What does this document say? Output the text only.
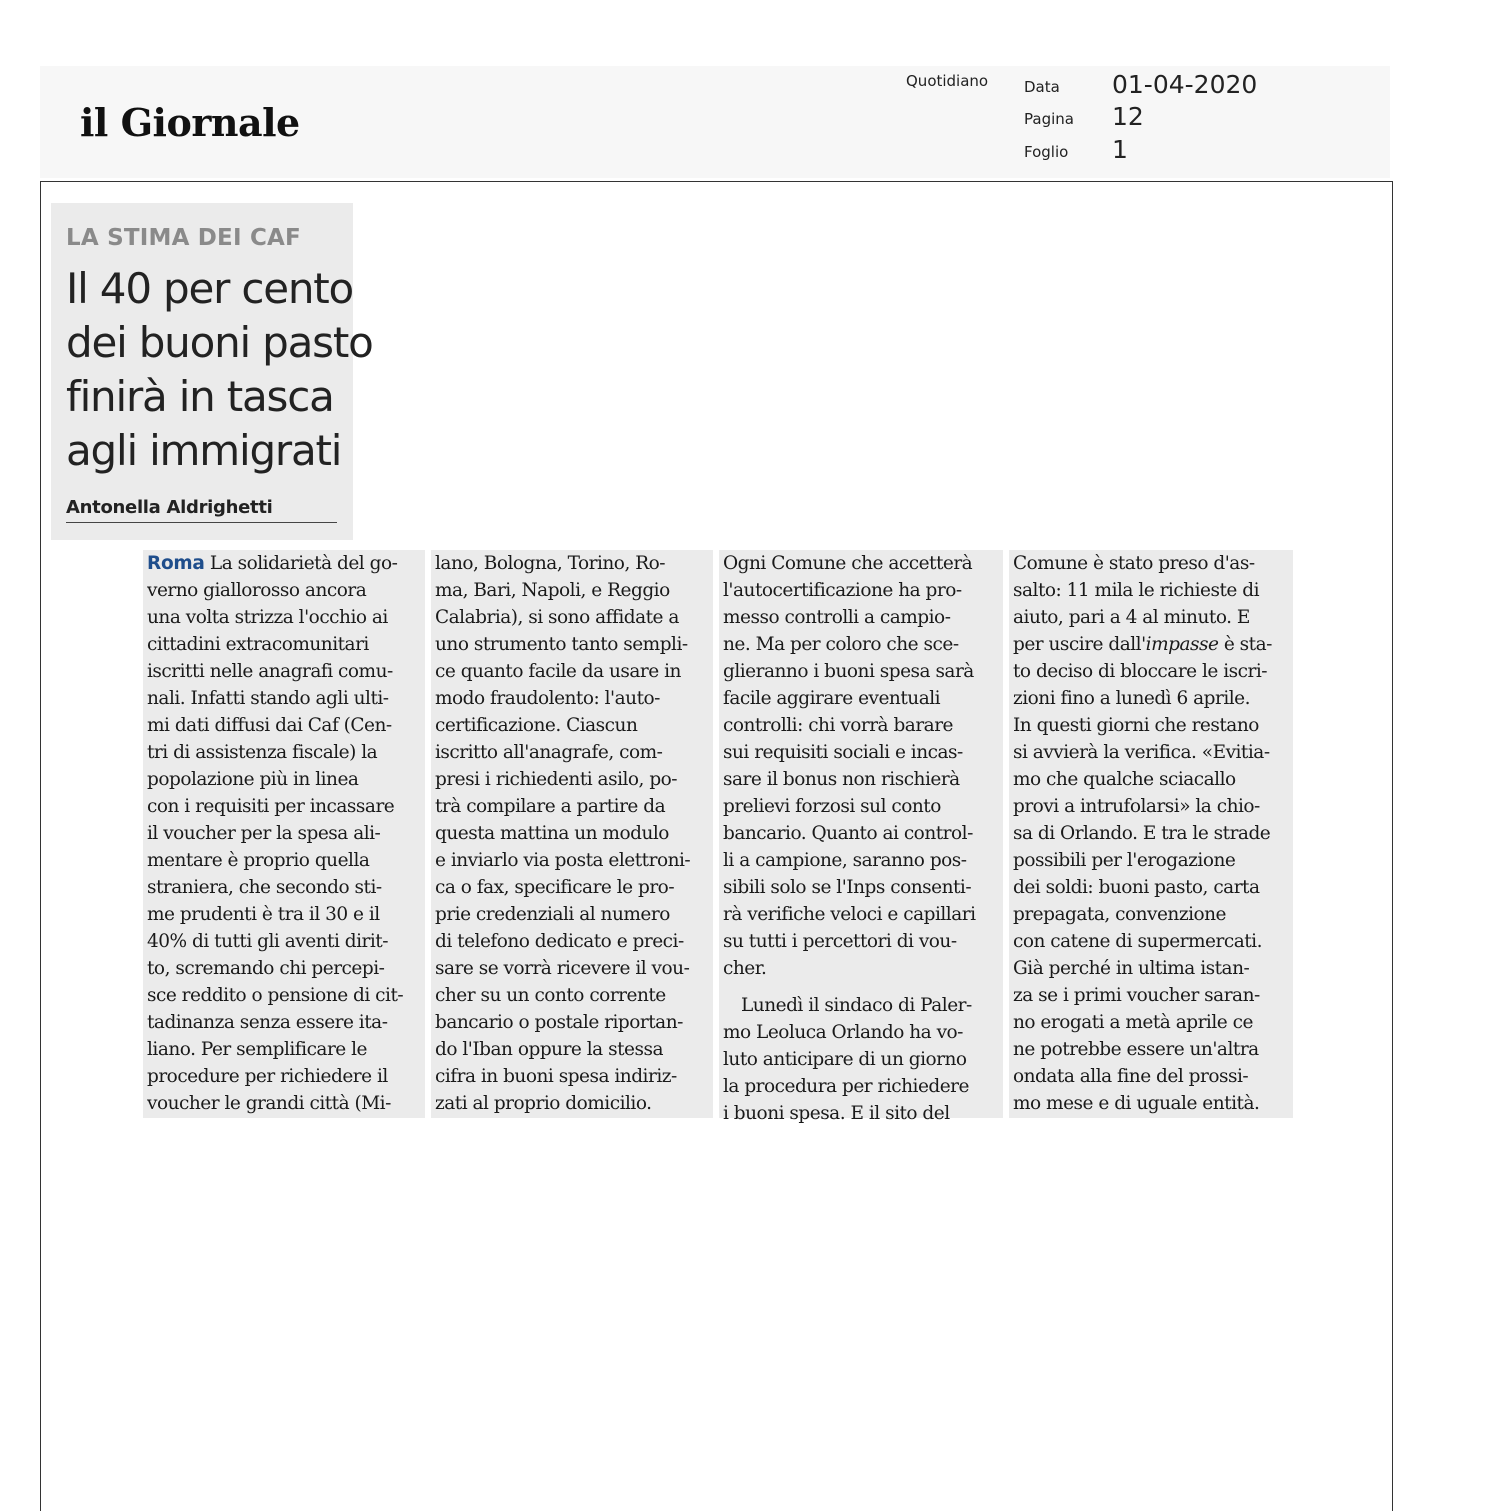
il Giornale
Quotidiano Data 01-04-2020
Pagina 12
Foglio 1
LA STIMA DEI CAF
Il 40 per cento
dei buoni pasto
finirà in tasca
agli immigrati
Antonella Aldrighetti
Roma La solidarietà del go-
verno giallorosso ancora
una volta strizza l'occhio ai
cittadini extracomunitari
iscritti nelle anagrafi comu-
nali. Infatti stando agli ulti-
mi dati diffusi dai Caf (Cen-
tri di assistenza fiscale) la
popolazione più in linea
con i requisiti per incassare
il voucher per la spesa ali-
mentare è proprio quella
straniera, che secondo sti-
me prudenti è tra il 30 e il
40% di tutti gli aventi dirit-
to, scremando chi percepi-
sce reddito o pensione di cit-
tadinanza senza essere ita-
liano. Per semplificare le
procedure per richiedere il
voucher le grandi città (Mi-
lano, Bologna, Torino, Ro-
ma, Bari, Napoli, e Reggio
Calabria), si sono affidate a
uno strumento tanto sempli-
ce quanto facile da usare in
modo fraudolento: l'auto-
certificazione. Ciascun
iscritto all'anagrafe, com-
presi i richiedenti asilo, po-
trà compilare a partire da
questa mattina un modulo
e inviarlo via posta elettroni-
ca o fax, specificare le pro-
prie credenziali al numero
di telefono dedicato e preci-
sare se vorrà ricevere il vou-
cher su un conto corrente
bancario o postale riportan-
do l'Iban oppure la stessa
cifra in buoni spesa indiriz-
zati al proprio domicilio.
Ogni Comune che accetterà
l'autocertificazione ha pro-
messo controlli a campio-
ne. Ma per coloro che sce-
glieranno i buoni spesa sarà
facile aggirare eventuali
controlli: chi vorrà barare
sui requisiti sociali e incas-
sare il bonus non rischierà
prelievi forzosi sul conto
bancario. Quanto ai control-
li a campione, saranno pos-
sibili solo se l'Inps consenti-
rà verifiche veloci e capillari
su tutti i percettori di vou-
cher.
Lunedì il sindaco di Paler-
mo Leoluca Orlando ha vo-
luto anticipare di un giorno
la procedura per richiedere
i buoni spesa. E il sito del
Comune è stato preso d'as-
salto: 11 mila le richieste di
aiuto, pari a 4 al minuto. E
per uscire dall'impasse è sta-
to deciso di bloccare le iscri-
zioni fino a lunedì 6 aprile.
In questi giorni che restano
si avvierà la verifica. «Evitia-
mo che qualche sciacallo
provi a intrufolarsi» la chio-
sa di Orlando. E tra le strade
possibili per l'erogazione
dei soldi: buoni pasto, carta
prepagata, convenzione
con catene di supermercati.
Già perché in ultima istan-
za se i primi voucher saran-
no erogati a metà aprile ce
ne potrebbe essere un'altra
ondata alla fine del prossi-
mo mese e di uguale entità.
